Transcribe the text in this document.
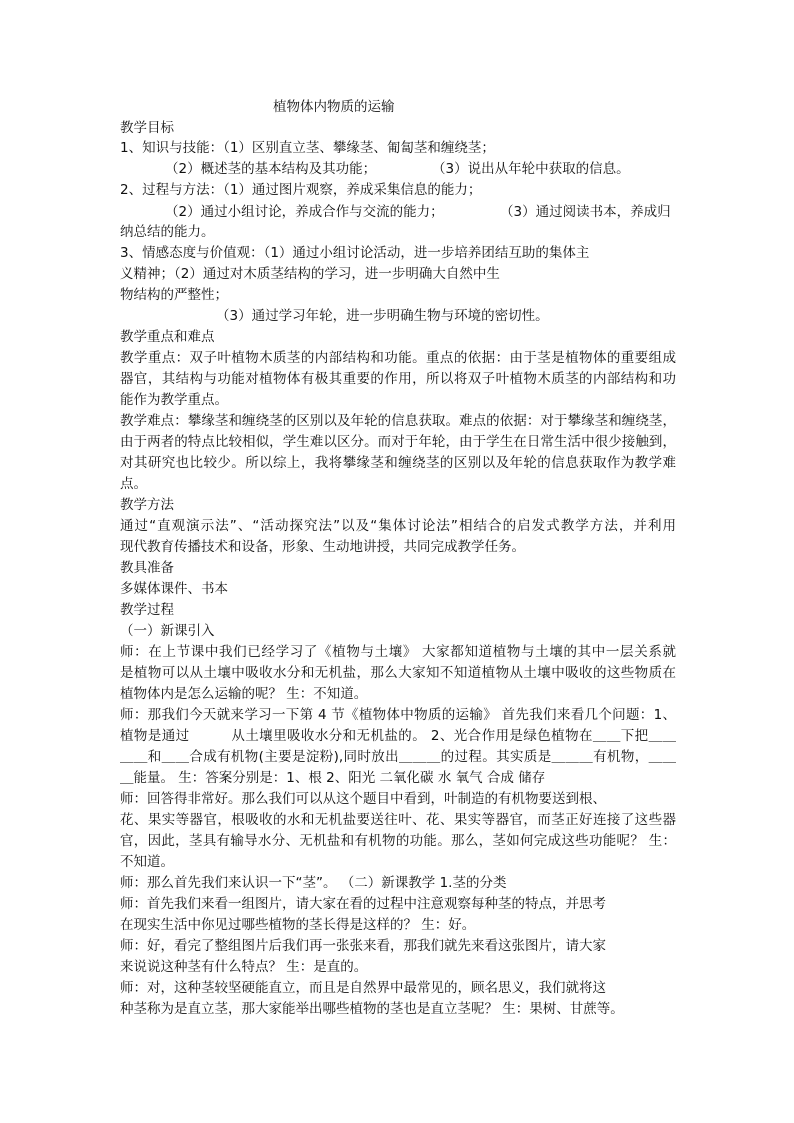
植物体内物质的运输
教学目标
1、知识与技能：（1）区别直立茎、攀缘茎、匍匐茎和缠绕茎；
（2）概述茎的基本结构及其功能；	（3）说出从年轮中获取的信息。
2、过程与方法：（1）通过图片观察，养成采集信息的能力；
（2）通过小组讨论，养成合作与交流的能力；	（3）通过阅读书本，养成归
纳总结的能力。
3、情感态度与价值观：（1）通过小组讨论活动，进一步培养团结互助的集体主
义精神；（2）通过对木质茎结构的学习，进一步明确大自然中生
物结构的严整性；
（3）通过学习年轮，进一步明确生物与环境的密切性。
教学重点和难点
教学重点：双子叶植物木质茎的内部结构和功能。重点的依据：由于茎是植物体的重要组成
器官，其结构与功能对植物体有极其重要的作用，所以将双子叶植物木质茎的内部结构和功
能作为教学重点。
教学难点：攀缘茎和缠绕茎的区别以及年轮的信息获取。难点的依据：对于攀缘茎和缠绕茎，
由于两者的特点比较相似，学生难以区分。而对于年轮，由于学生在日常生活中很少接触到，
对其研究也比较少。所以综上，我将攀缘茎和缠绕茎的区别以及年轮的信息获取作为教学难
点。
教学方法
通过“直观演示法”、“活动探究法”以及“集体讨论法”相结合的启发式教学方法，并利用
现代教育传播技术和设备，形象、生动地讲授，共同完成教学任务。
教具准备
多媒体课件、书本
教学过程
（一）新课引入
师：在上节课中我们已经学习了《植物与土壤》 大家都知道植物与土壤的其中一层关系就
是植物可以从土壤中吸收水分和无机盐，那么大家知不知道植物从土壤中吸收的这些物质在
植物体内是怎么运输的呢？ 生：不知道。
师：那我们今天就来学习一下第 4 节《植物体中物质的运输》 首先我们来看几个问题：1、
植物是通过　　　从土壤里吸收水分和无机盐的。 2、光合作用是绿色植物在＿＿下把＿＿
＿＿和＿＿合成有机物(主要是淀粉),同时放出＿＿＿的过程。其实质是＿＿＿有机物，＿＿
＿能量。 生：答案分别是：1、根 2、阳光 二氧化碳 水 氧气 合成 储存
师：回答得非常好。那么我们可以从这个题目中看到，叶制造的有机物要送到根、
花、果实等器官，根吸收的水和无机盐要送往叶、花、果实等器官，而茎正好连接了这些器
官，因此，茎具有输导水分、无机盐和有机物的功能。那么，茎如何完成这些功能呢？ 生：
不知道。
师：那么首先我们来认识一下“茎”。 （二）新课教学 1.茎的分类
师：首先我们来看一组图片，请大家在看的过程中注意观察每种茎的特点，并思考
在现实生活中你见过哪些植物的茎长得是这样的？ 生：好。
师：好，看完了整组图片后我们再一张张来看，那我们就先来看这张图片，请大家
来说说这种茎有什么特点？ 生：是直的。
师：对，这种茎较坚硬能直立，而且是自然界中最常见的，顾名思义，我们就将这
种茎称为是直立茎，那大家能举出哪些植物的茎也是直立茎呢？ 生：果树、甘蔗等。
